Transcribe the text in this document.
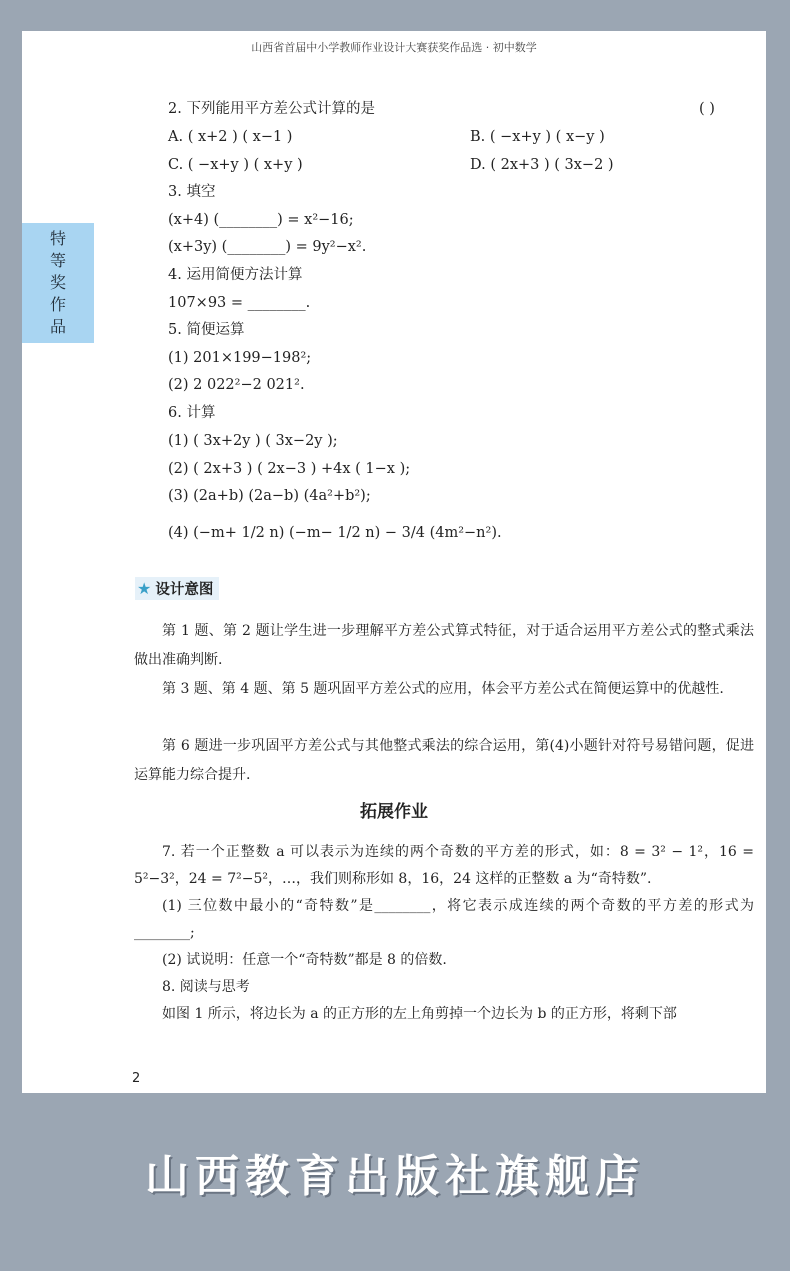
山西省首届中小学教师作业设计大赛获奖作品选 · 初中数学
特
等
奖
作
品
2. 下列能用平方差公式计算的是	( )
A. ( x+2 ) ( x−1 )	B. ( −x+y ) ( x−y )
C. ( −x+y ) ( x+y )	D. ( 2x+3 ) ( 3x−2 )
3. 填空
(x+4) (________) = x²−16;
(x+3y) (________) = 9y²−x².
4. 运用简便方法计算
107×93 = ________.
5. 简便运算
(1) 201×199−198²;
(2) 2 022²−2 021².
6. 计算
(1) ( 3x+2y ) ( 3x−2y );
(2) ( 2x+3 ) ( 2x−3 ) +4x ( 1−x );
(3) (2a+b) (2a−b) (4a²+b²);
(4) (−m+ 1/2 n) (−m− 1/2 n) − 3/4 (4m²−n²).
★ 设计意图
第 1 题、第 2 题让学生进一步理解平方差公式算式特征，对于适合运用平方差公式的整式乘法做出准确判断.
第 3 题、第 4 题、第 5 题巩固平方差公式的应用，体会平方差公式在简便运算中的优越性.
第 6 题进一步巩固平方差公式与其他整式乘法的综合运用，第(4)小题针对符号易错问题，促进运算能力综合提升.
拓展作业
7. 若一个正整数 a 可以表示为连续的两个奇数的平方差的形式，如：8 = 3² − 1²，16 = 5²−3²，24 = 7²−5²，…，我们则称形如 8，16，24 这样的正整数 a 为“奇特数”.
(1) 三位数中最小的“奇特数”是________，将它表示成连续的两个奇数的平方差的形式为________;
(2) 试说明：任意一个“奇特数”都是 8 的倍数.
8. 阅读与思考
如图 1 所示，将边长为 a 的正方形的左上角剪掉一个边长为 b 的正方形，将剩下部
2
山西教育出版社旗舰店
